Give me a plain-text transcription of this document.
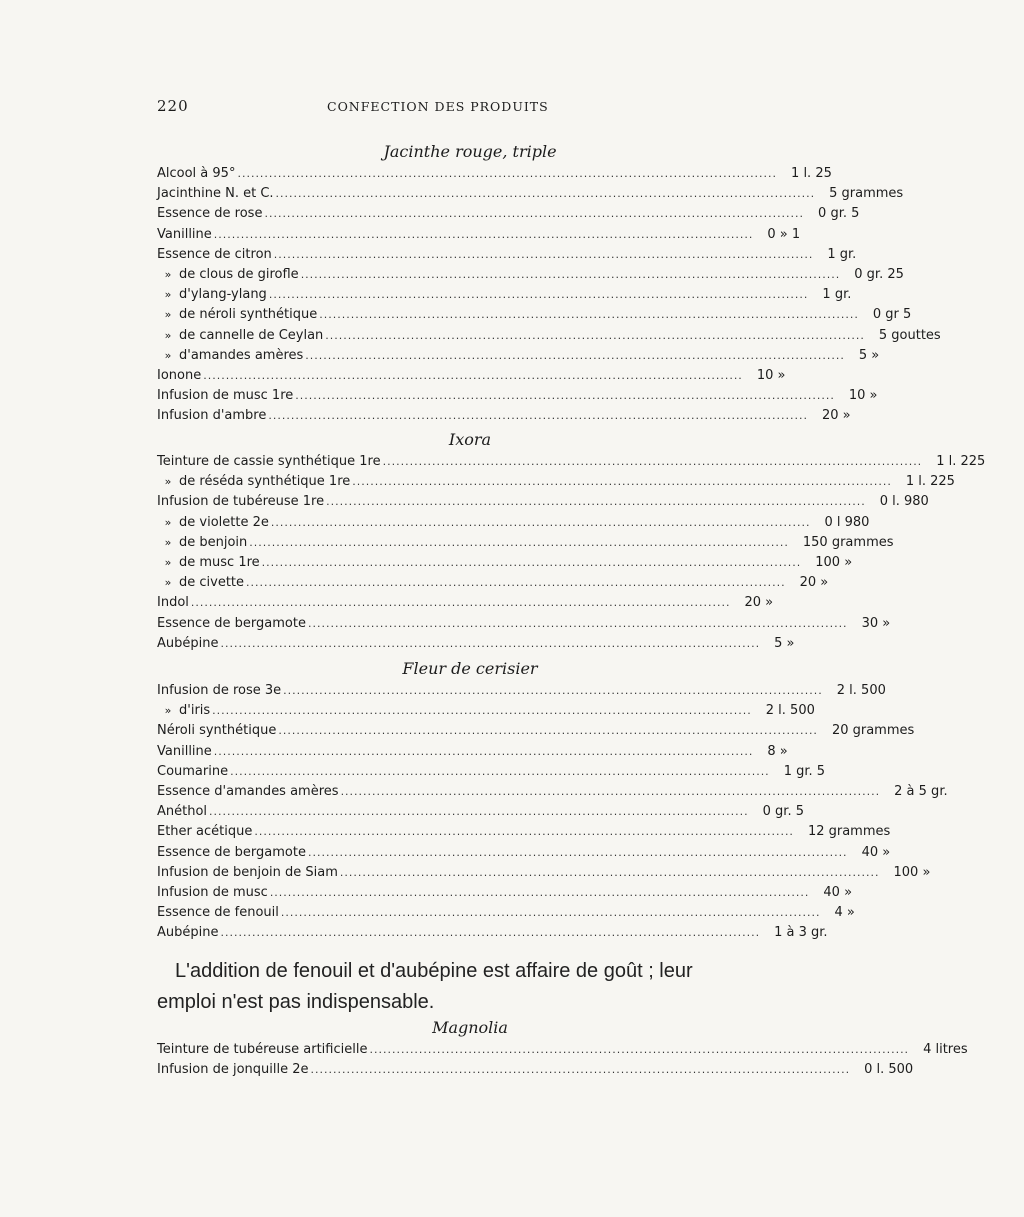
220	CONFECTION DES PRODUITS
Jacinthe rouge, triple
Alcool à 95° ........................................................................................................................ 1 l. 25
Jacinthine N. et C. ........................................................................................................................ 5 grammes
Essence de rose ........................................................................................................................ 0 gr. 5
Vanilline ........................................................................................................................ 0 » 1
Essence de citron ........................................................................................................................ 1 gr.
» de clous de girofle ........................................................................................................................ 0 gr. 25
» d'ylang-ylang ........................................................................................................................ 1 gr.
» de néroli synthétique ........................................................................................................................ 0 gr 5
» de cannelle de Ceylan ........................................................................................................................ 5 gouttes
» d'amandes amères ........................................................................................................................ 5 »
Ionone ........................................................................................................................ 10 »
Infusion de musc 1re ........................................................................................................................ 10 »
Infusion d'ambre ........................................................................................................................ 20 »
Ixora
Teinture de cassie synthétique 1re ........................................................................................................................ 1 l. 225
» de réséda synthétique 1re ........................................................................................................................ 1 l. 225
Infusion de tubéreuse 1re ........................................................................................................................ 0 l. 980
» de violette 2e ........................................................................................................................ 0 l 980
» de benjoin ........................................................................................................................ 150 grammes
» de musc 1re ........................................................................................................................ 100 »
» de civette ........................................................................................................................ 20 »
Indol ........................................................................................................................ 20 »
Essence de bergamote ........................................................................................................................ 30 »
Aubépine ........................................................................................................................ 5 »
Fleur de cerisier
Infusion de rose 3e ........................................................................................................................ 2 l. 500
» d'iris ........................................................................................................................ 2 l. 500
Néroli synthétique ........................................................................................................................ 20 grammes
Vanilline ........................................................................................................................ 8 »
Coumarine ........................................................................................................................ 1 gr. 5
Essence d'amandes amères ........................................................................................................................ 2 à 5 gr.
Anéthol ........................................................................................................................ 0 gr. 5
Ether acétique ........................................................................................................................ 12 grammes
Essence de bergamote ........................................................................................................................ 40 »
Infusion de benjoin de Siam ........................................................................................................................ 100 »
Infusion de musc ........................................................................................................................ 40 »
Essence de fenouil ........................................................................................................................ 4 »
Aubépine ........................................................................................................................ 1 à 3 gr.
L'addition de fenouil et d'aubépine est affaire de goût ; leur
emploi n'est pas indispensable.
Magnolia
Teinture de tubéreuse artificielle ........................................................................................................................ 4 litres
Infusion de jonquille 2e ........................................................................................................................ 0 l. 500
